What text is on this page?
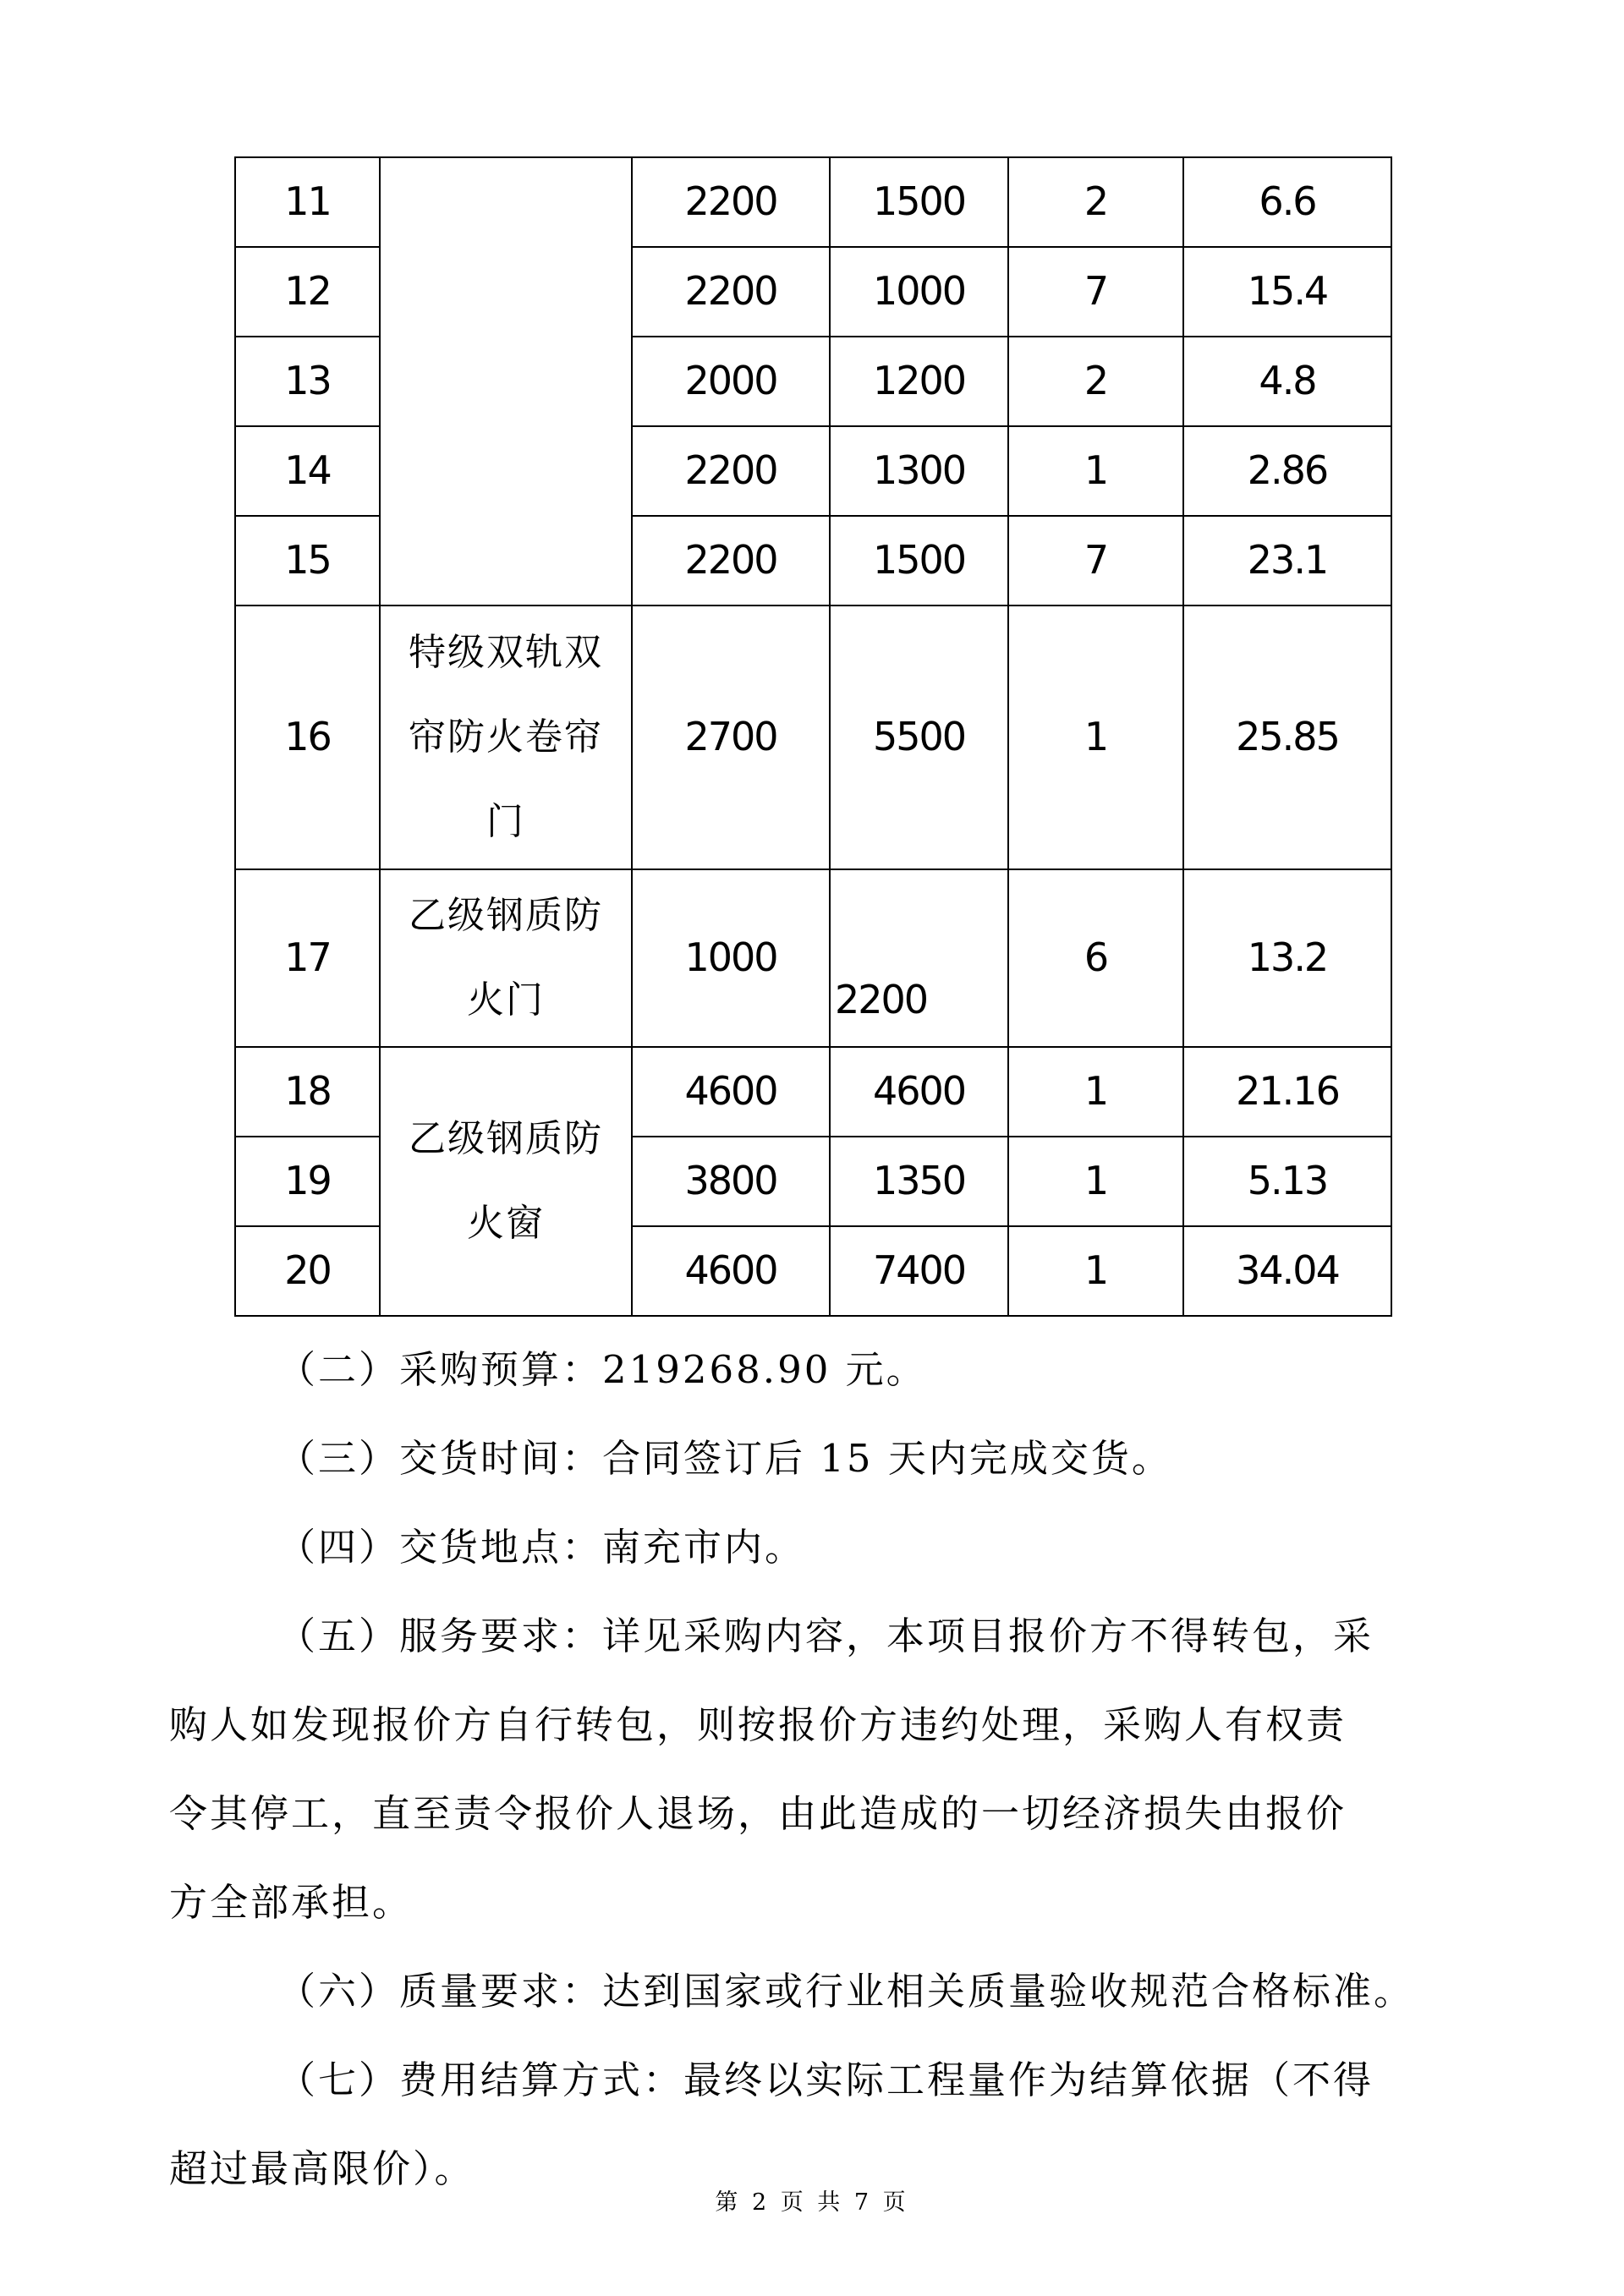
11		2200	1500	2	6.6
12		2200	1000	7	15.4
13		2000	1200	2	4.8
14		2200	1300	1	2.86
15		2200	1500	7	23.1
16	特级双轨双帘防火卷帘门	2700	5500	1	25.85
17	乙级钢质防火门	1000	2200	6	13.2
18	乙级钢质防火窗	4600	4600	1	21.16
19		3800	1350	1	5.13
20		4600	7400	1	34.04
（二）采购预算：219268.90 元。
（三）交货时间：合同签订后 15 天内完成交货。
（四）交货地点：南充市内。
（五）服务要求：详见采购内容，本项目报价方不得转包，采
购人如发现报价方自行转包，则按报价方违约处理，采购人有权责
令其停工，直至责令报价人退场，由此造成的一切经济损失由报价
方全部承担。
（六）质量要求：达到国家或行业相关质量验收规范合格标准。
（七）费用结算方式：最终以实际工程量作为结算依据（不得
超过最高限价）。
第 2 页 共 7 页
